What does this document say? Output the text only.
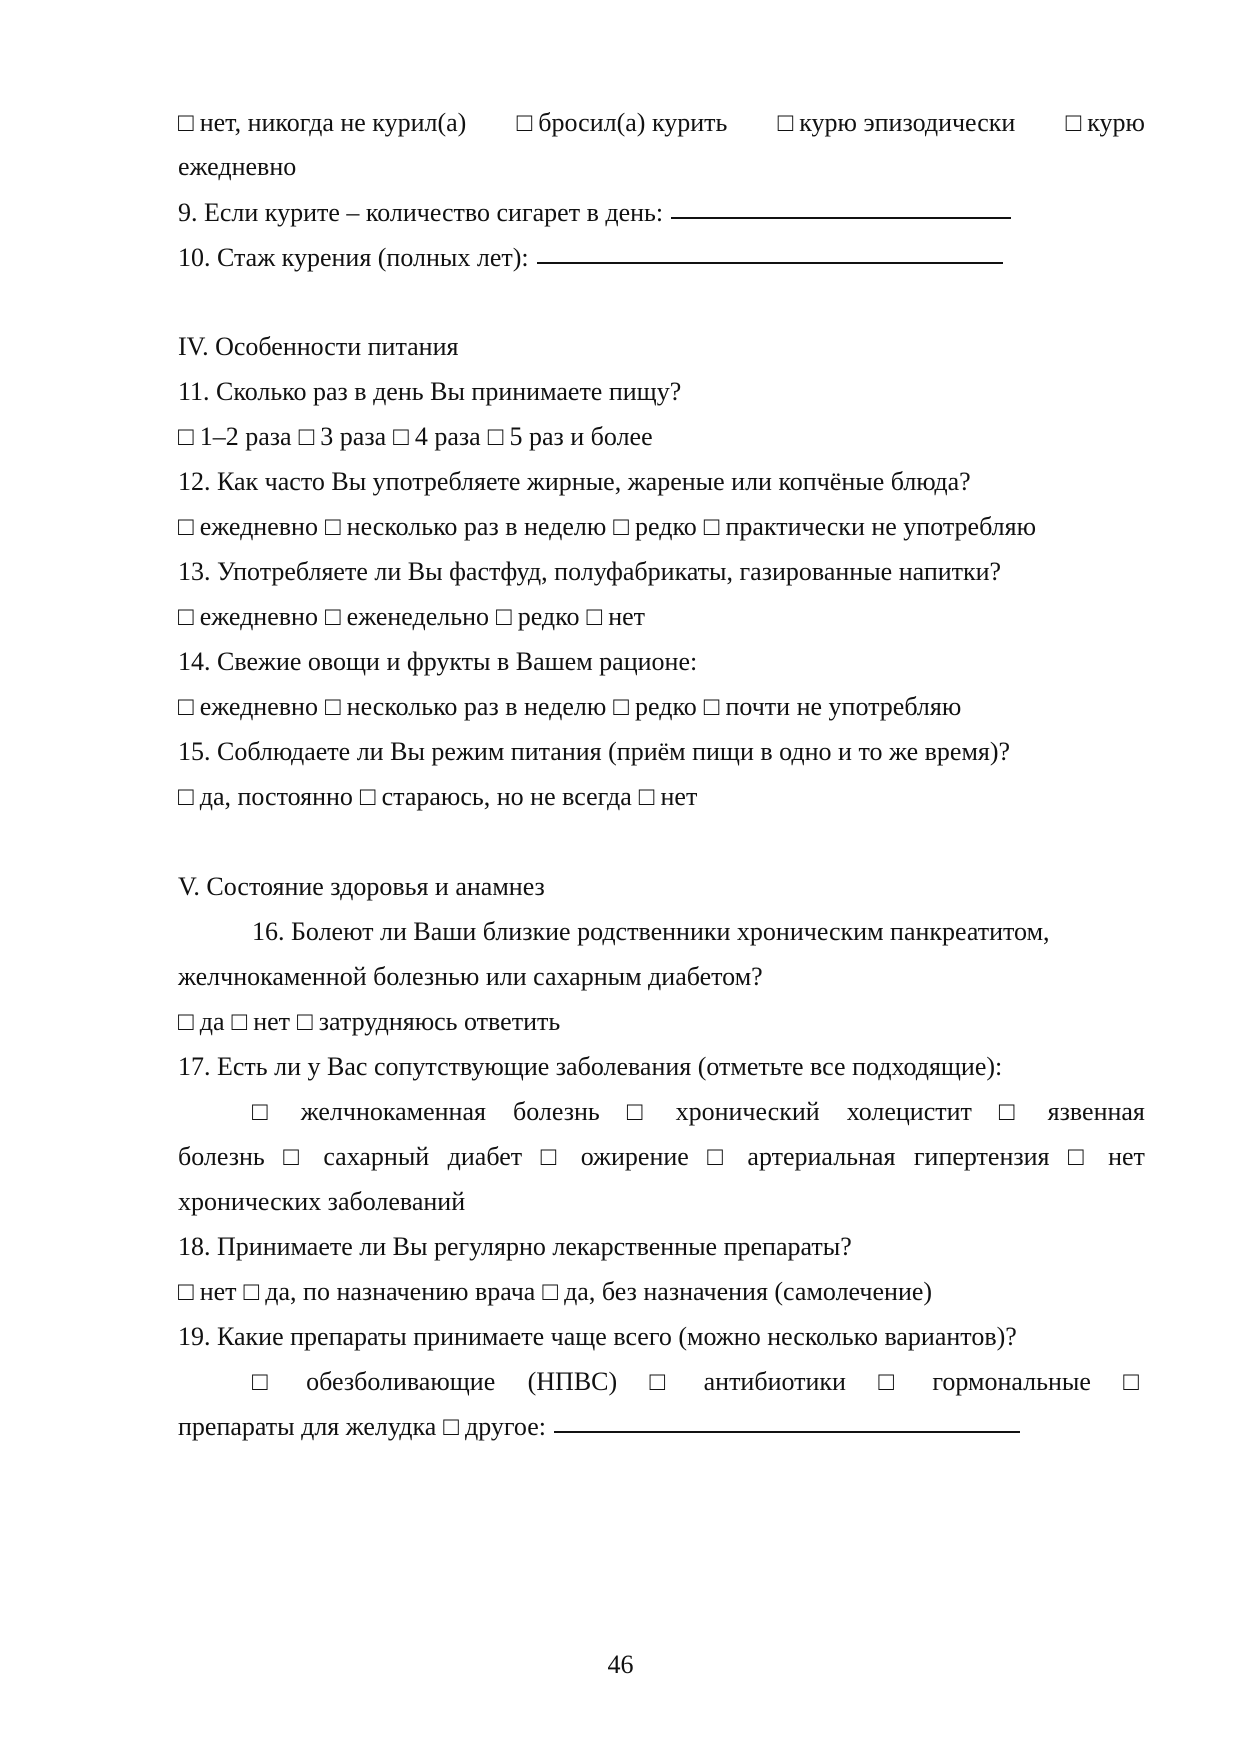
□ нет, никогда не курил(а) □ бросил(а) курить □ курю эпизодически □ курю
ежедневно
9. Если курите – количество сигарет в день:
10. Стаж курения (полных лет):
IV. Особенности питания
11. Сколько раз в день Вы принимаете пищу?
□ 1–2 раза □ 3 раза □ 4 раза □ 5 раз и более
12. Как часто Вы употребляете жирные, жареные или копчёные блюда?
□ ежедневно □ несколько раз в неделю □ редко □ практически не употребляю
13. Употребляете ли Вы фастфуд, полуфабрикаты, газированные напитки?
□ ежедневно □ еженедельно □ редко □ нет
14. Свежие овощи и фрукты в Вашем рационе:
□ ежедневно □ несколько раз в неделю □ редко □ почти не употребляю
15. Соблюдаете ли Вы режим питания (приём пищи в одно и то же время)?
□ да, постоянно □ стараюсь, но не всегда □ нет
V. Состояние здоровья и анамнез
16. Болеют ли Ваши близкие родственники хроническим панкреатитом,
желчнокаменной болезнью или сахарным диабетом?
□ да □ нет □ затрудняюсь ответить
17. Есть ли у Вас сопутствующие заболевания (отметьте все подходящие):
□ желчнокаменная болезнь □ хронический холецистит □ язвенная
болезнь □ сахарный диабет □ ожирение □ артериальная гипертензия □ нет
хронических заболеваний
18. Принимаете ли Вы регулярно лекарственные препараты?
□ нет □ да, по назначению врача □ да, без назначения (самолечение)
19. Какие препараты принимаете чаще всего (можно несколько вариантов)?
□ обезболивающие (НПВС) □ антибиотики □ гормональные □
препараты для желудка □ другое:
46
